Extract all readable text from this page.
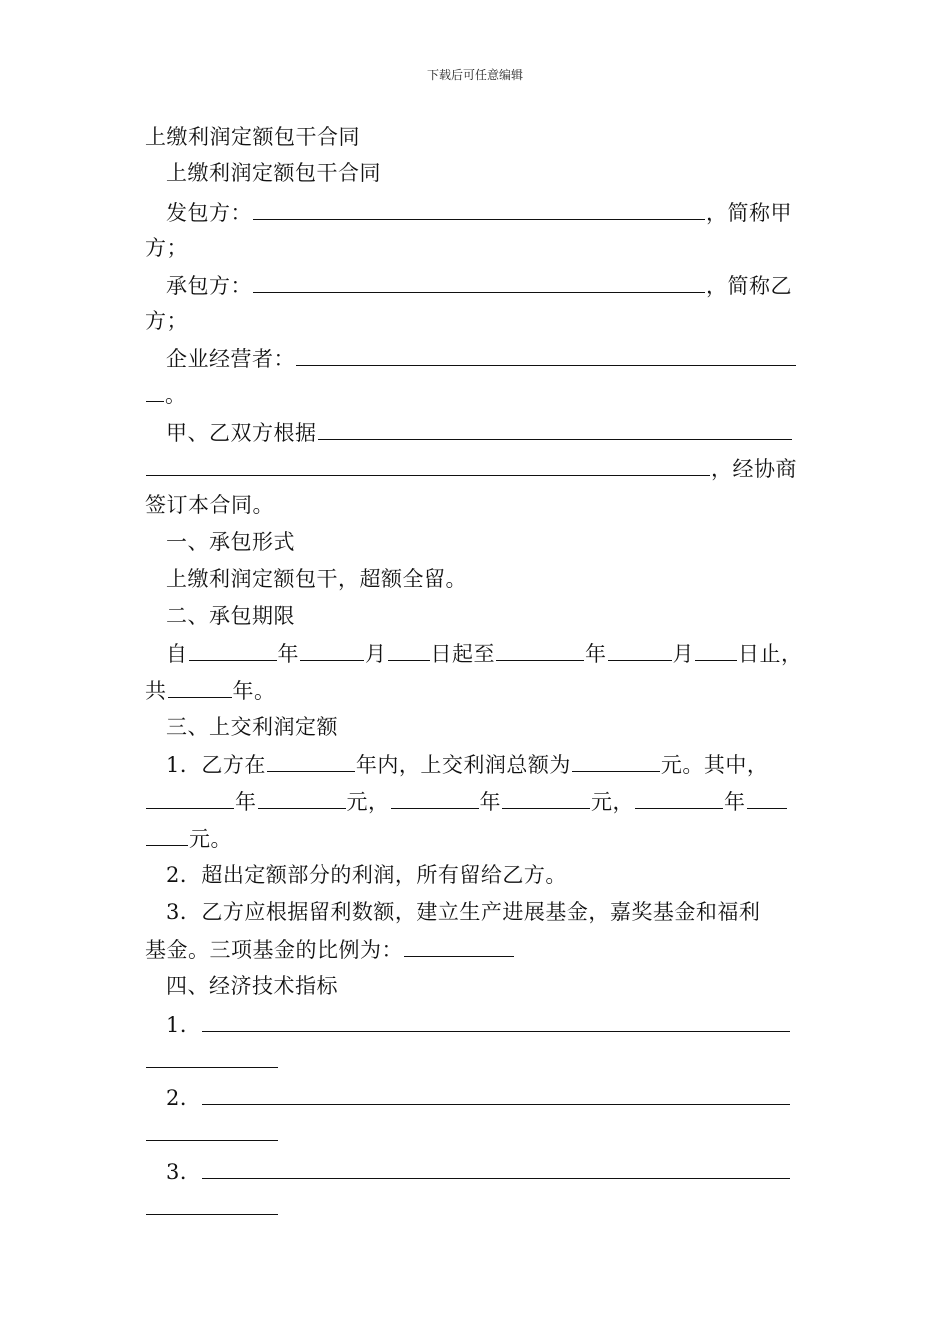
下载后可任意编辑
上缴利润定额包干合同
上缴利润定额包干合同
发包方：	，简称甲
方；
承包方：	，简称乙
方；
企业经营者：
。
甲、乙双方根据
，经协商
签订本合同。
一、承包形式
上缴利润定额包干，超额全留。
二、承包期限
自	年	月 日起至	年	月 日止，
共	年。
三、上交利润定额
1．乙方在	年内，上交利润总额为	元。其中，
年	元，	年	元，	年
元。
2．超出定额部分的利润，所有留给乙方。
3．乙方应根据留利数额，建立生产进展基金，嘉奖基金和福利
基金。三项基金的比例为：
四、经济技术指标
1．
2．
3．
